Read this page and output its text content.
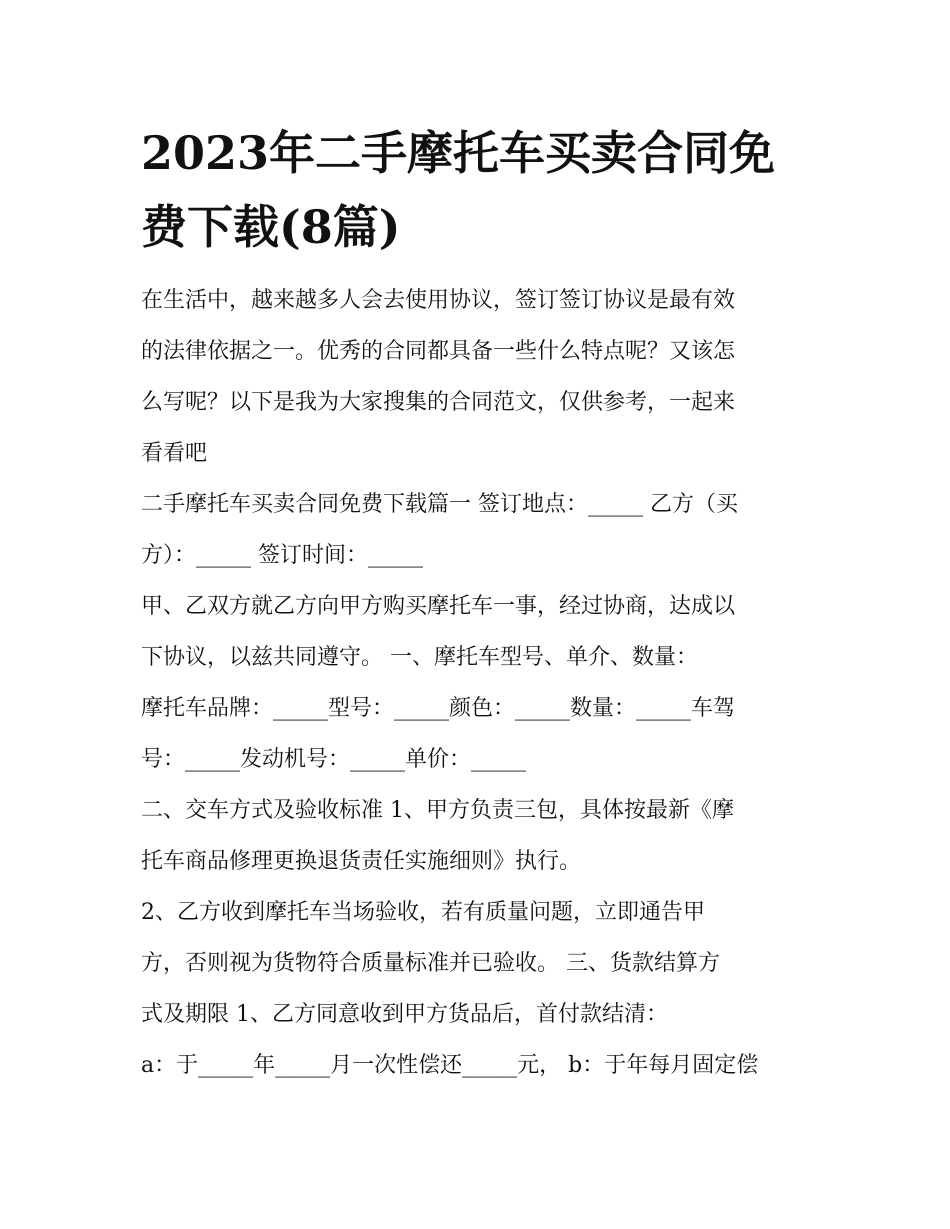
2023年二手摩托车买卖合同免
费下载(8篇)

在生活中，越来越多人会去使用协议，签订签订协议是最有效
的法律依据之一。优秀的合同都具备一些什么特点呢？又该怎
么写呢？以下是我为大家搜集的合同范文，仅供参考，一起来
看看吧

二手摩托车买卖合同免费下载篇一 签订地点：_____ 乙方（买
方）：_____ 签订时间：_____

甲、乙双方就乙方向甲方购买摩托车一事，经过协商，达成以
下协议，以兹共同遵守。 一、摩托车型号、单介、数量：

摩托车品牌：_____型号：_____颜色：_____数量：_____车驾
号：_____发动机号：_____单价：_____

二、交车方式及验收标准 1、甲方负责三包，具体按最新《摩
托车商品修理更换退货责任实施细则》执行。

2、乙方收到摩托车当场验收，若有质量问题，立即通告甲
方，否则视为货物符合质量标准并已验收。 三、货款结算方
式及期限 1、乙方同意收到甲方货品后，首付款结清：

a：于_____年_____月一次性偿还_____元， b：于年每月固定偿
